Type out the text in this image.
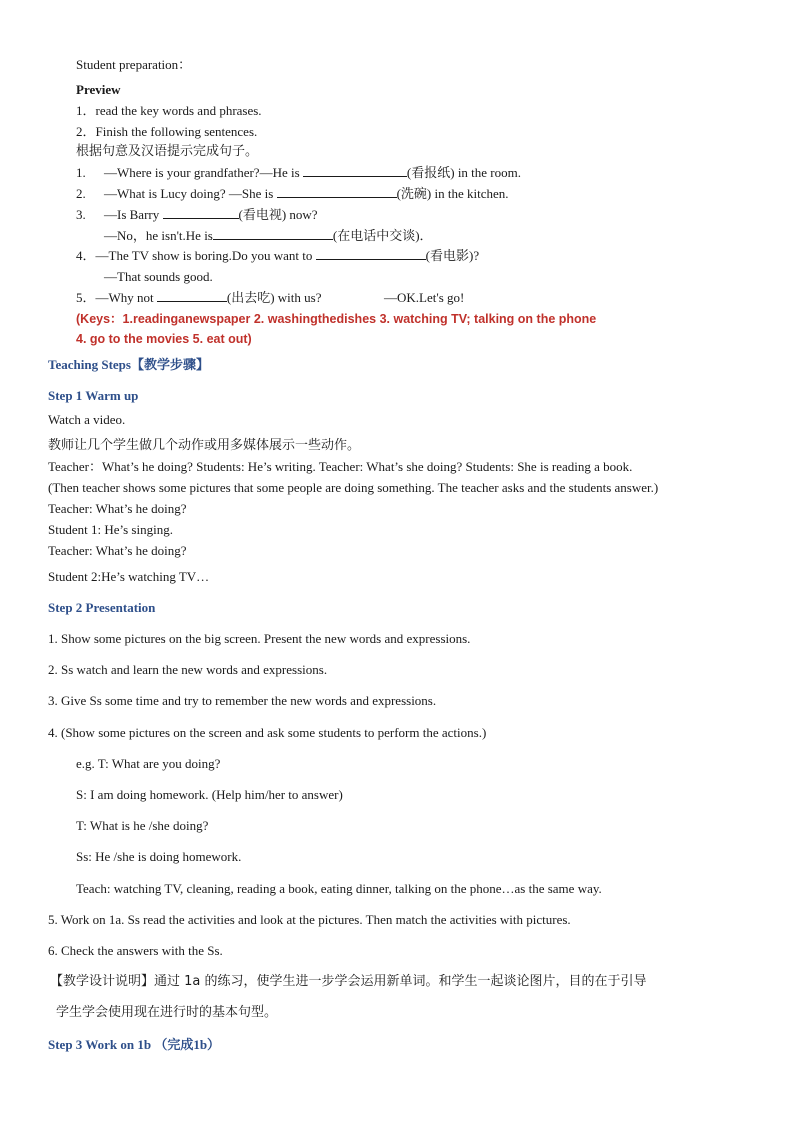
Student preparation：
Preview
1．read the key words and phrases.
2．Finish the following sentences.
根据句意及汉语提示完成句子。
1. —Where is your grandfather?—He is	(看报纸) in the room.
2. —What is Lucy doing? —She is	(洗碗) in the kitchen.
3. —Is Barry	(看电视) now?
—No，he isn't.He is	(在电话中交谈)．
4．—The TV show is boring.Do you want to	(看电影)?
—That sounds good.
5．—Why not	(出去吃) with us?	—OK.Let's go!
(Keys：1.readinganewspaper 2. washingthedishes 3. watching TV; talking on the phone
4. go to the movies 5. eat out)
Teaching Steps【教学步骤】
Step 1 Warm up
Watch a video.
教师让几个学生做几个动作或用多媒体展示一些动作。
Teacher：What’s he doing? Students: He’s writing. Teacher: What’s she doing? Students: She is reading a book.
(Then teacher shows some pictures that some people are doing something. The teacher asks and the students answer.)
Teacher: What’s he doing?
Student 1: He’s singing.
Teacher: What’s he doing?
Student 2:He’s watching TV…
Step 2 Presentation
1. Show some pictures on the big screen. Present the new words and expressions.
2. Ss watch and learn the new words and expressions.
3. Give Ss some time and try to remember the new words and expressions.
4. (Show some pictures on the screen and ask some students to perform the actions.)
e.g. T: What are you doing?
S: I am doing homework. (Help him/her to answer)
T: What is he /she doing?
Ss: He /she is doing homework.
Teach: watching TV, cleaning, reading a book, eating dinner, talking on the phone…as the same way.
5. Work on 1a. Ss read the activities and look at the pictures. Then match the activities with pictures.
6. Check the answers with the Ss.
【教学设计说明】通过 1a 的练习，使学生进一步学会运用新单词。和学生一起谈论图片，目的在于引导
学生学会使用现在进行时的基本句型。
Step 3 Work on 1b （完成1b）
